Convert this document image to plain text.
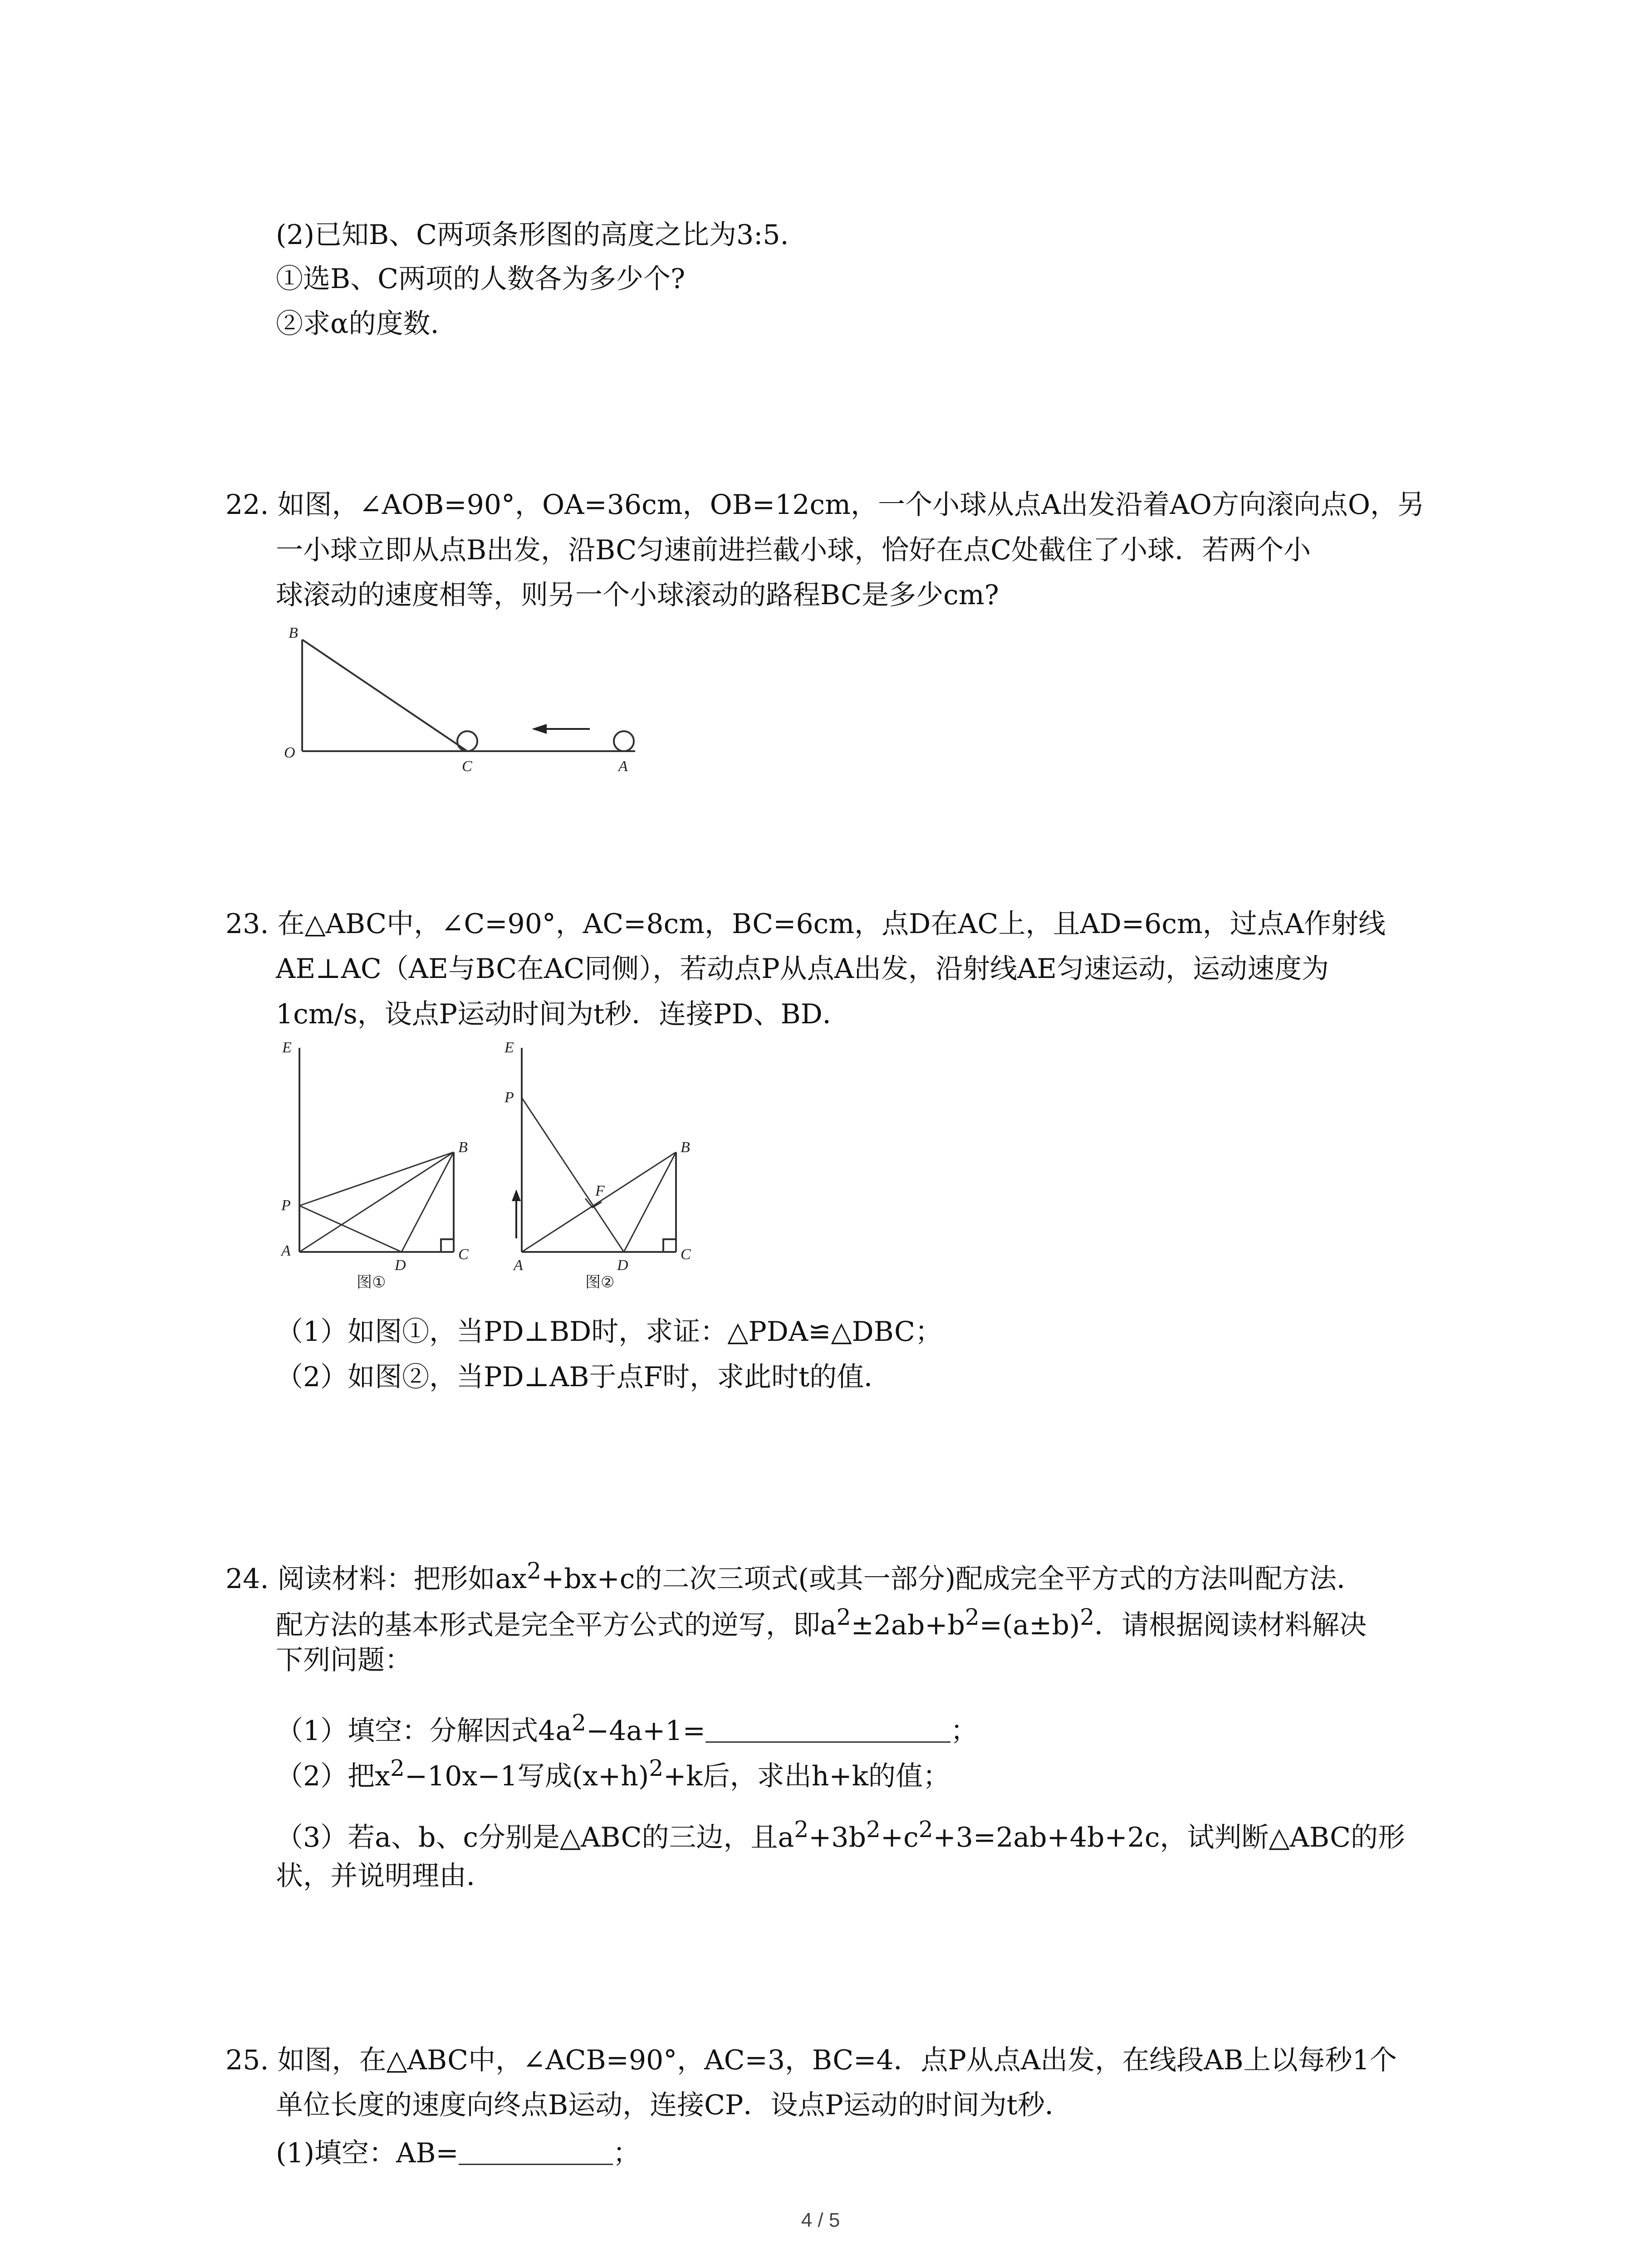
(2)已知B、C两项条形图的高度之比为3:5.
①选B、C两项的人数各为多少个?
②求α的度数.
22. 如图，∠AOB=90°，OA=36cm，OB=12cm，一个小球从点A出发沿着AO方向滚向点O，另
一小球立即从点B出发，沿BC匀速前进拦截小球，恰好在点C处截住了小球．若两个小
球滚动的速度相等，则另一个小球滚动的路程BC是多少cm?
B
O
C	A
23. 在△ABC中，∠C=90°，AC=8cm，BC=6cm，点D在AC上，且AD=6cm，过点A作射线
AE⊥AC（AE与BC在AC同侧），若动点P从点A出发，沿射线AE匀速运动，运动速度为
1cm/s，设点P运动时间为t秒．连接PD、BD．
E
P
A
D
B
C
图①
E
P
F
A	D
B
C
图②
（1）如图①，当PD⊥BD时，求证：△PDA≌△DBC；
（2）如图②，当PD⊥AB于点F时，求此时t的值．
24. 阅读材料：把形如$ax^2+bx+c$的二次三项式(或其一部分)配成完全平方式的方法叫配方法．
配方法的基本形式是完全平方公式的逆写，即$a^2\pm 2ab+b^2=(a\pm b)^2$．请根据阅读材料解决
下列问题：
（1）填空：分解因式$4a^2-4a+1=$	；
（2）把$x^2-10x-1$写成$(x+h)^2+k$后，求出h+k的值；
（3）若a、b、c分别是△ABC的三边，且$a^2+3b^2+c^2+3=2ab+4b+2c$，试判断△ABC的形
状，并说明理由．
25. 如图，在△ABC中，∠ACB=90°，AC=3，BC=4．点P从点A出发，在线段AB上以每秒1个
单位长度的速度向终点B运动，连接CP．设点P运动的时间为t秒．
(1)填空：AB=	；
4 / 5
